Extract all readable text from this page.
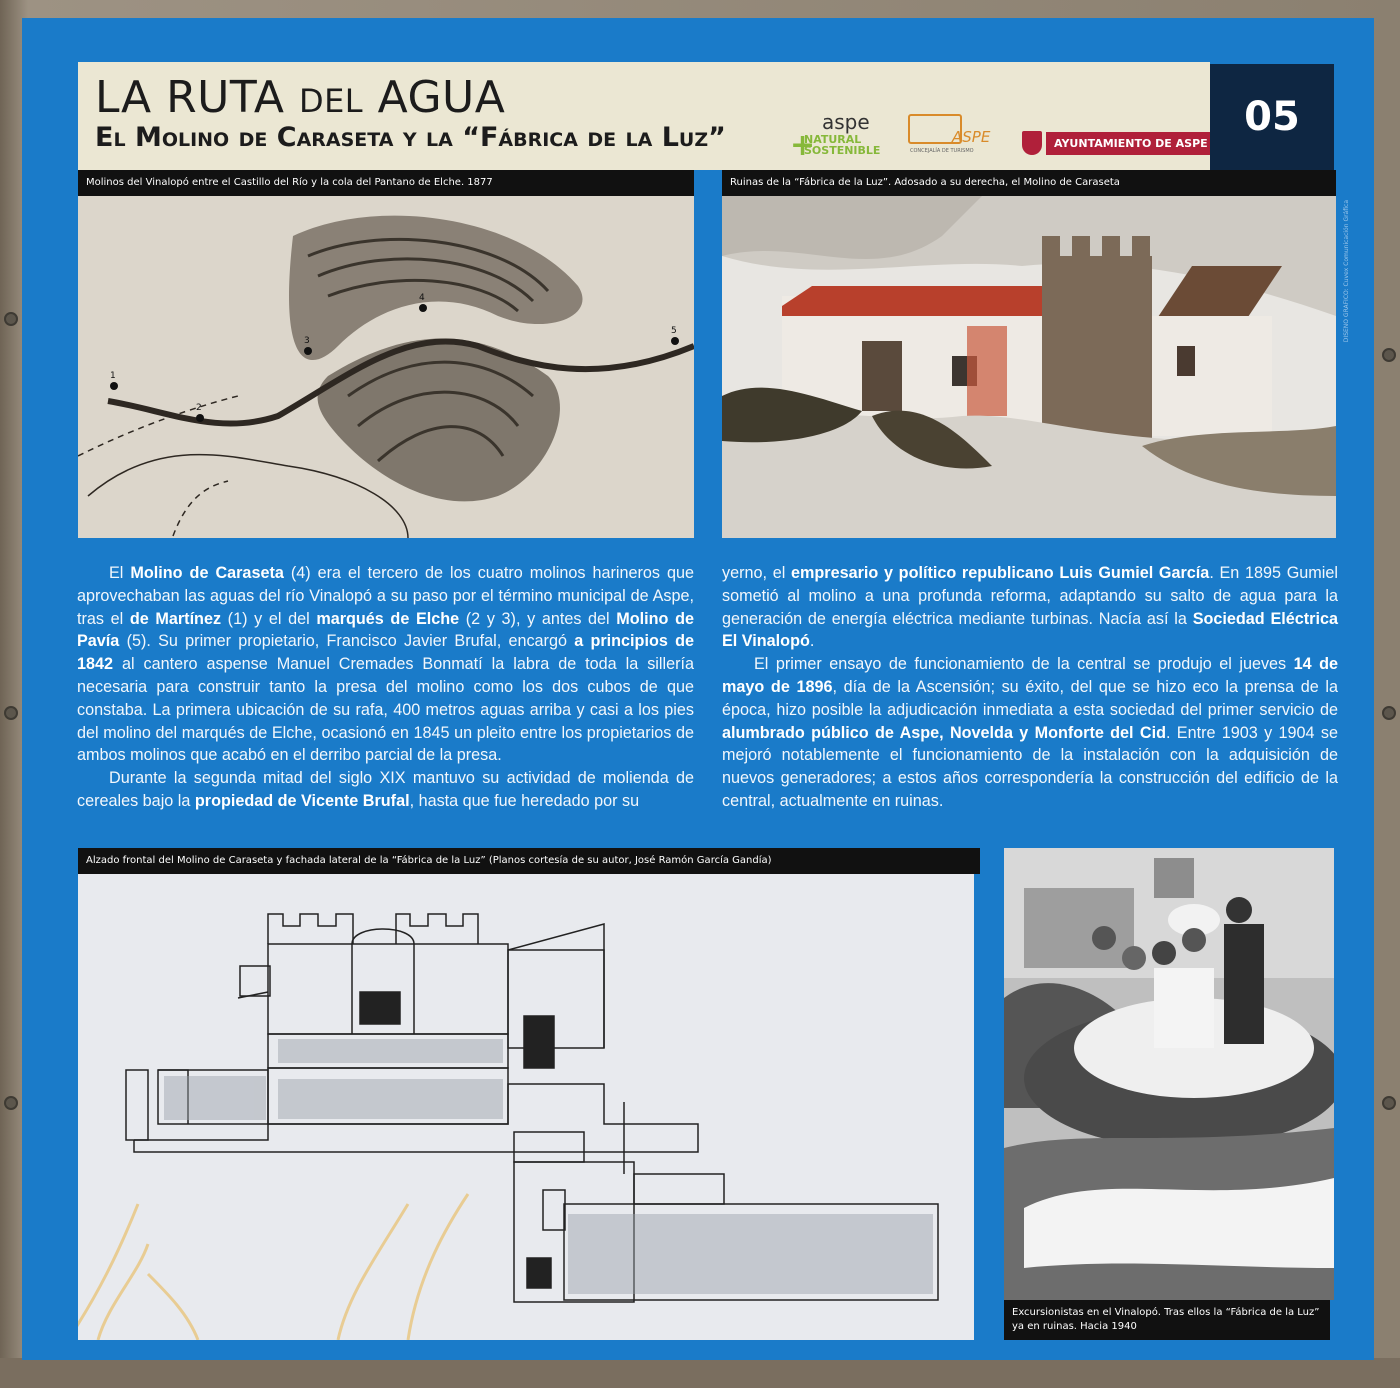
LA RUTA DEL AGUA
El Molino de Caraseta y la “Fábrica de la Luz” +
aspe
NATURAL
SOSTENIBLE
ASPE
CONCEJALÍA DE TURISMO
AYUNTAMIENTO DE ASPE
05
Molinos del Vinalopó entre el Castillo del Río y la cola del Pantano de Elche. 1877
1
2
3
4
5
Ruinas de la “Fábrica de la Luz”. Adosado a su derecha, el Molino de Caraseta

El Molino de Caraseta (4) era el tercero de los cuatro molinos harineros que aprovechaban las aguas del río Vinalopó a su paso por el término municipal de Aspe, tras el de Martínez (1) y el del marqués de Elche (2 y 3), y antes del Molino de Pavía (5). Su primer propietario, Francisco Javier Brufal, encargó a principios de 1842 al cantero aspense Manuel Cremades Bonmatí la labra de toda la sillería necesaria para construir tanto la presa del molino como los dos cubos de que constaba. La primera ubicación de su rafa, 400 metros aguas arriba y casi a los pies del molino del marqués de Elche, ocasionó en 1845 un pleito entre los propietarios de ambos molinos que acabó en el derribo parcial de la presa.

Durante la segunda mitad del siglo XIX mantuvo su actividad de molienda de cereales bajo la propiedad de Vicente Brufal, hasta que fue heredado por su

yerno, el empresario y político republicano Luis Gumiel García. En 1895 Gumiel sometió al molino a una profunda reforma, adaptando su salto de agua para la generación de energía eléctrica mediante turbinas. Nacía así la Sociedad Eléctrica El Vinalopó.

El primer ensayo de funcionamiento de la central se produjo el jueves 14 de mayo de 1896, día de la Ascensión; su éxito, del que se hizo eco la prensa de la época, hizo posible la adjudicación inmediata a esta sociedad del primer servicio de alumbrado público de Aspe, Novelda y Monforte del Cid. Entre 1903 y 1904 se mejoró notablemente el funcionamiento de la instalación con la adquisición de nuevos generadores; a estos años correspondería la construcción del edificio de la central, actualmente en ruinas.

Alzado frontal del Molino de Caraseta y fachada lateral de la “Fábrica de la Luz” (Planos cortesía de su autor, José Ramón García Gandía)
Excursionistas en el Vinalopó. Tras ellos la “Fábrica de la Luz”
ya en ruinas. Hacia 1940
DISEÑO GRÁFICO: Cuvex Comunicación Gráfica
